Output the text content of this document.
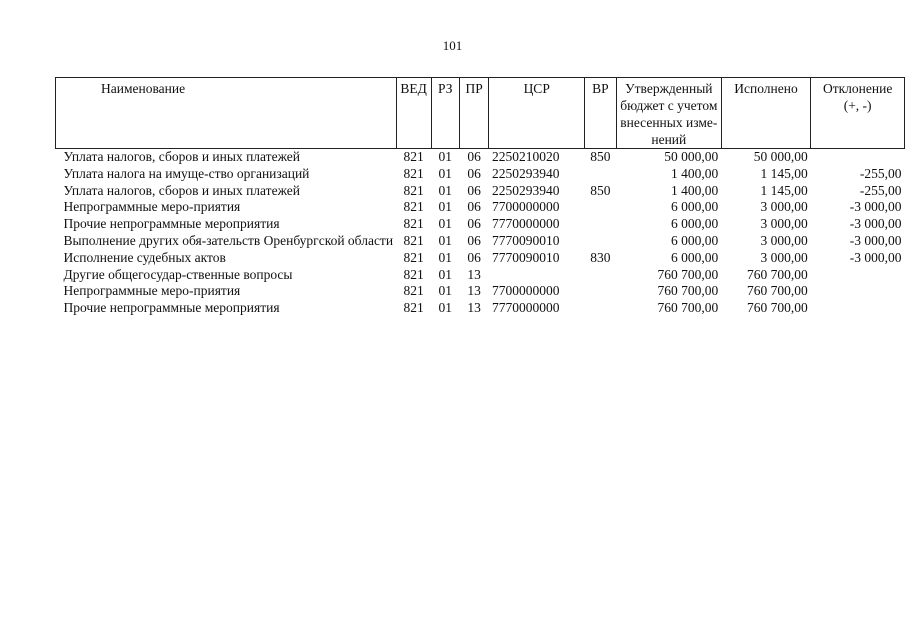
101
Наименование	ВЕД	РЗ	ПР	ЦСР	ВР	Утвержденный бюджет с учетом внесенных изме-нений	Исполнено	Отклонение (+, -)

Уплата налогов, сборов и иных платежей	821	01	06	2250210020	850	50 000,00	50 000,00	

Уплата налога на имуще-ство организаций	821	01	06	2250293940		1 400,00	1 145,00	-255,00

Уплата налогов, сборов и иных платежей	821	01	06	2250293940	850	1 400,00	1 145,00	-255,00

Непрограммные меро-приятия	821	01	06	7700000000		6 000,00	3 000,00	-3 000,00

Прочие непрограммные мероприятия	821	01	06	7770000000		6 000,00	3 000,00	-3 000,00

Выполнение других обя-зательств Оренбургской области	821	01	06	7770090010		6 000,00	3 000,00	-3 000,00

Исполнение судебных актов	821	01	06	7770090010	830	6 000,00	3 000,00	-3 000,00

Другие общегосудар-ственные вопросы	821	01	13			760 700,00	760 700,00	

Непрограммные меро-приятия	821	01	13	7700000000		760 700,00	760 700,00	

Прочие непрограммные мероприятия	821	01	13	7770000000		760 700,00	760 700,00	
